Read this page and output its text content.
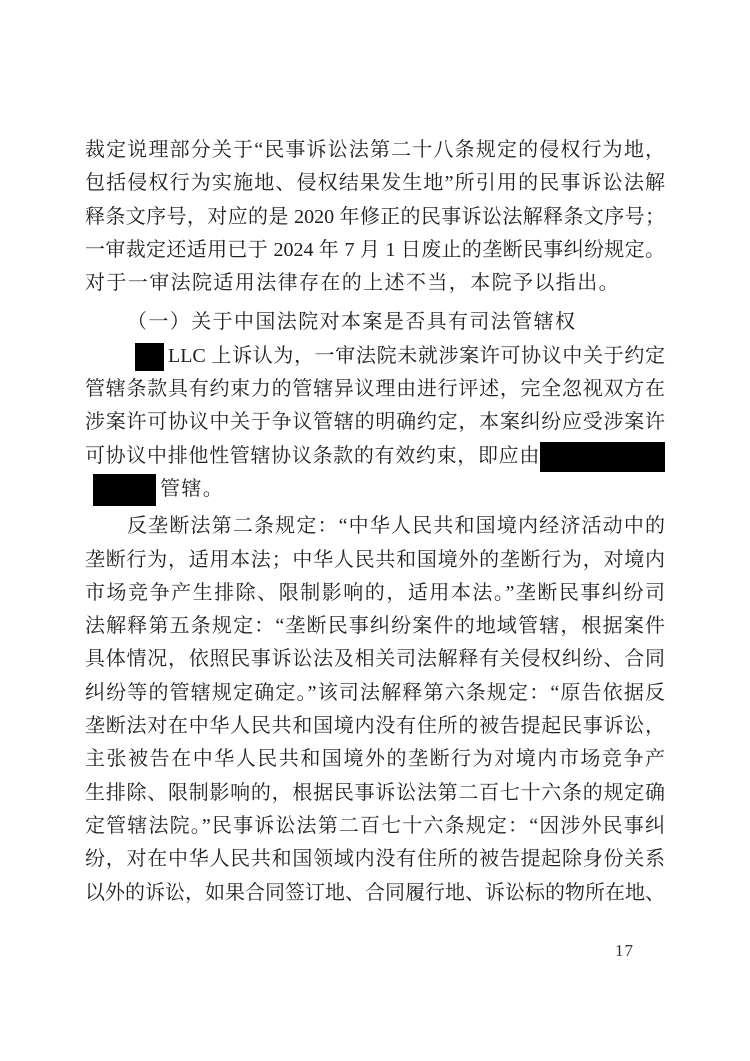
裁定说理部分关于“民事诉讼法第二十八条规定的侵权行为地，
包括侵权行为实施地、侵权结果发生地”所引用的民事诉讼法解
释条文序号，对应的是 2020 年修正的民事诉讼法解释条文序号；
一审裁定还适用已于 2024 年 7 月 1 日废止的垄断民事纠纷规定。
对于一审法院适用法律存在的上述不当，本院予以指出。
（一）关于中国法院对本案是否具有司法管辖权
LLC 上诉认为，一审法院未就涉案许可协议中关于约定
管辖条款具有约束力的管辖异议理由进行评述，完全忽视双方在
涉案许可协议中关于争议管辖的明确约定，本案纠纷应受涉案许
可协议中排他性管辖协议条款的有效约束，即应由
管辖。
反垄断法第二条规定：“中华人民共和国境内经济活动中的
垄断行为，适用本法；中华人民共和国境外的垄断行为，对境内
市场竞争产生排除、限制影响的，适用本法。”垄断民事纠纷司
法解释第五条规定：“垄断民事纠纷案件的地域管辖，根据案件
具体情况，依照民事诉讼法及相关司法解释有关侵权纠纷、合同
纠纷等的管辖规定确定。”该司法解释第六条规定：“原告依据反
垄断法对在中华人民共和国境内没有住所的被告提起民事诉讼，
主张被告在中华人民共和国境外的垄断行为对境内市场竞争产
生排除、限制影响的，根据民事诉讼法第二百七十六条的规定确
定管辖法院。”民事诉讼法第二百七十六条规定：“因涉外民事纠
纷，对在中华人民共和国领域内没有住所的被告提起除身份关系
以外的诉讼，如果合同签订地、合同履行地、诉讼标的物所在地、
17
